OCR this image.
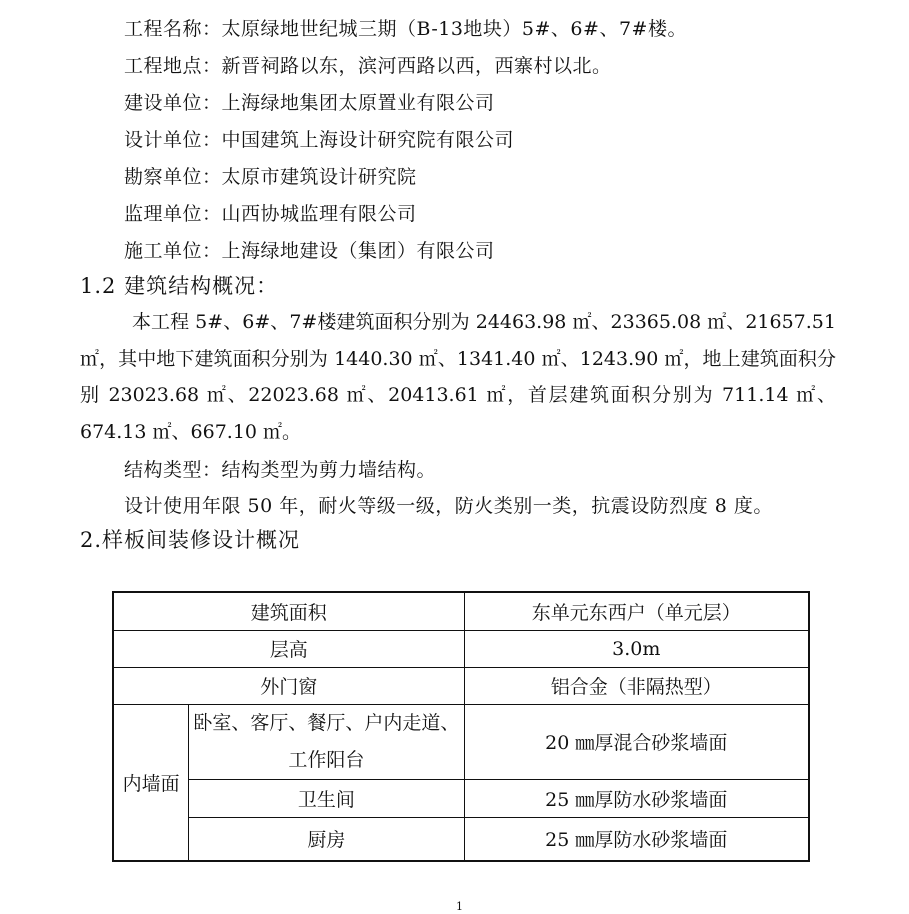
工程名称：太原绿地世纪城三期（B-13地块）5#、6#、7#楼。
工程地点：新晋祠路以东，滨河西路以西，西寨村以北。
建设单位：上海绿地集团太原置业有限公司
设计单位：中国建筑上海设计研究院有限公司
勘察单位：太原市建筑设计研究院
监理单位：山西协城监理有限公司
施工单位：上海绿地建设（集团）有限公司
1.2 建筑结构概况：
本工程 5#、6#、7#楼建筑面积分别为 24463.98 ㎡、23365.08 ㎡、21657.51 ㎡，其中地下建筑面积分别为 1440.30 ㎡、1341.40 ㎡、1243.90 ㎡，地上建筑面积分别 23023.68 ㎡、22023.68 ㎡、20413.61 ㎡，首层建筑面积分别为 711.14 ㎡、674.13 ㎡、667.10 ㎡。
结构类型：结构类型为剪力墙结构。
设计使用年限 50 年，耐火等级一级，防火类别一类，抗震设防烈度 8 度。
2.样板间装修设计概况
建筑面积		东单元东西户（单元层）
层高		3.0m
外门窗		铝合金（非隔热型）
内墙面	卧室、客厅、餐厅、户内走道、工作阳台	20 ㎜厚混合砂浆墙面
	卫生间	25 ㎜厚防水砂浆墙面
	厨房	25 ㎜厚防水砂浆墙面
1
